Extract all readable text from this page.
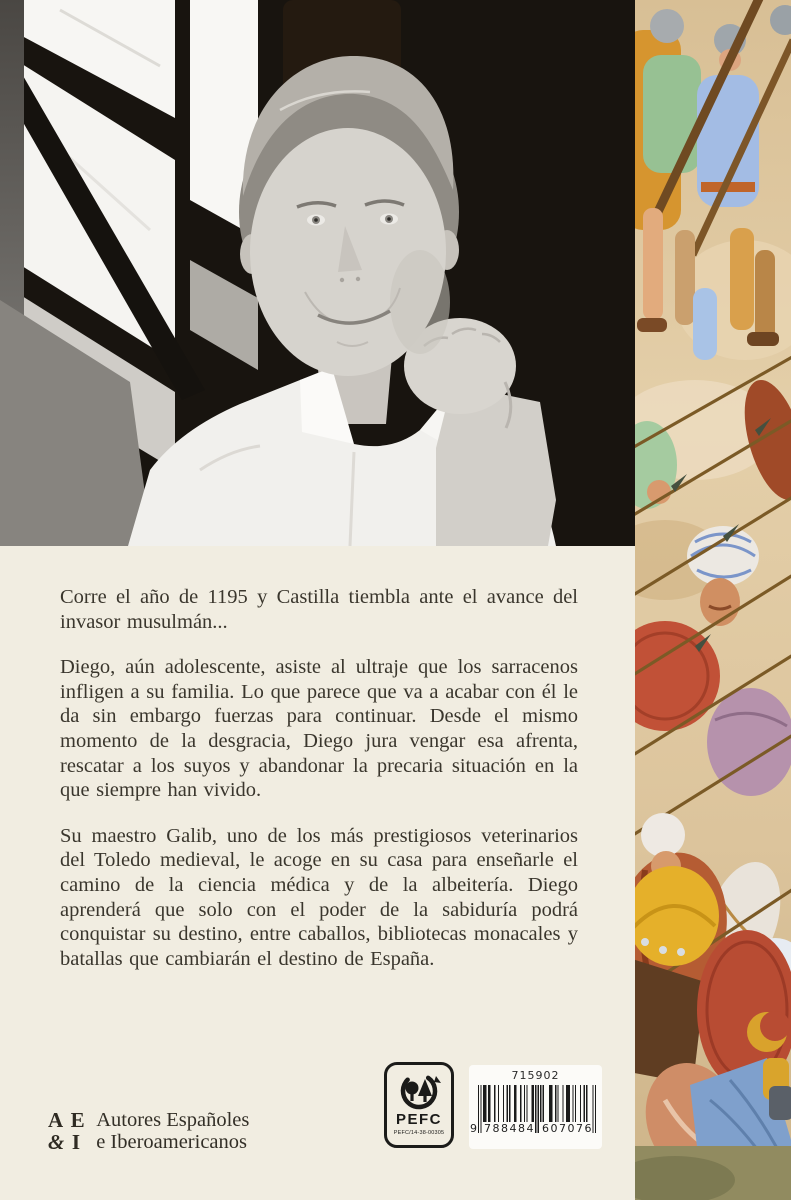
Corre el año de 1195 y Castilla tiembla ante el avance del invasor musulmán...

Diego, aún adolescente, asiste al ultraje que los sarracenos infligen a su familia. Lo que parece que va a acabar con él le da sin embargo fuerzas para continuar. Desde el mismo momento de la desgracia, Diego jura vengar esa afrenta, rescatar a los suyos y abandonar la precaria situación en la que siempre han vivido.

Su maestro Galib, uno de los más prestigiosos veterinarios del Toledo medieval, le acoge en su casa para enseñarle el camino de la ciencia médica y de la albeitería. Diego aprenderá que solo con el poder de la sabiduría podrá conquistar su destino, entre caballos, bibliotecas monacales y batallas que cambiarán el destino de España.

A E
& I
Autores Españoles
e Iberoamericanos
PEFC
PEFC/14-38-00305
715902
9 788484 607076
